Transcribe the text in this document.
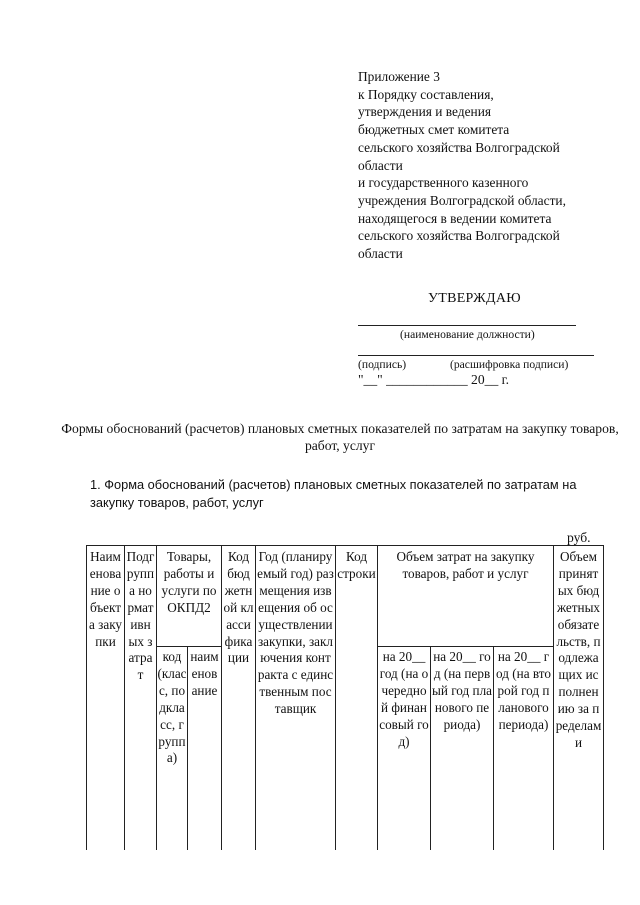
Приложение 3
к Порядку составления,
утверждения и ведения
бюджетных смет комитета
сельского хозяйства Волгоградской
области
и государственного казенного
учреждения Волгоградской области,
находящегося в ведении комитета
сельского хозяйства Волгоградской
области
УТВЕРЖДАЮ
(наименование должности)
(подпись)	(расшифровка подписи)
"__" ____________ 20__ г.
Формы обоснований (расчетов) плановых сметных показателей по затратам на закупку товаров, работ, услуг
1. Форма обоснований (расчетов) плановых сметных показателей по затратам на закупку товаров, работ, услуг
руб.
Наименование объекта закупки
Подгруппа нормативных затрат
Товары, работы и услуги по ОКПД2
код (класс, подкласс, группа)
наименование
Код бюджетной классификации
Год (планируемый год) размещения извещения об осуществлении закупки, заключения контракта с единственным поставщик
Код строки
Объем затрат на закупку товаров, работ и услуг
на 20__ год (на очередной финансовый год)
на 20__ год (на первый год планового периода)
на 20__ год (на второй год планового периода)
Объем принятых бюджетных обязательств, подлежащих исполнению за пределами
